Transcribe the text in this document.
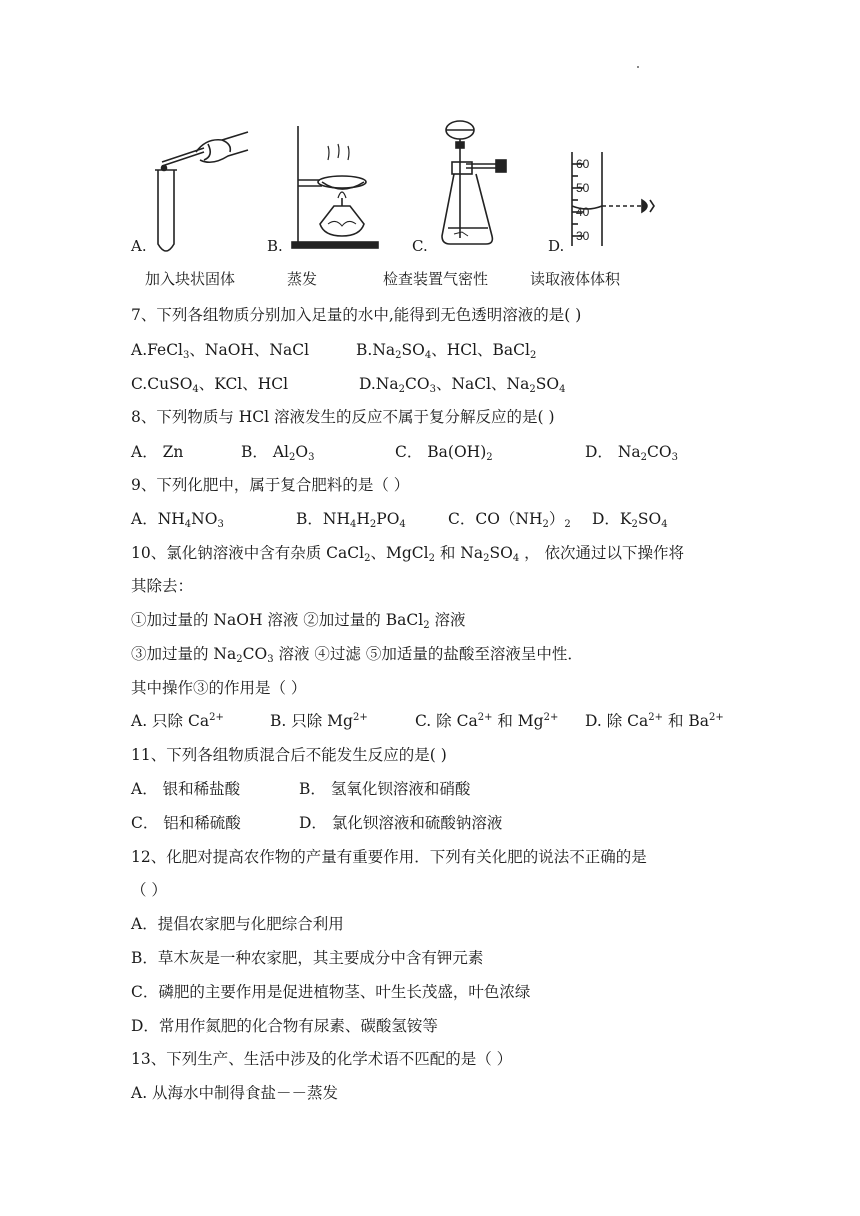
A.	B.	C.
60
50
40
30
D.
加入块状固体	蒸发	检查装置气密性	读取液体体积
7、下列各组物质分别加入足量的水中,能得到无色透明溶液的是( )
A.FeCl$_3$、NaOH、NaCl	$B.Na_2SO_4$、HCl、BaCl$_2$
C.CuSO$_4$、KCl、HCl	$D.Na_2CO_3$、NaCl、$Na_2SO_4$
8、下列物质与 HCl 溶液发生的反应不属于复分解反应的是( )
A． Zn	B． $Al_2O_3$	C． $Ba(OH)_2$	D． $Na_2CO_3$
9、下列化肥中，属于复合肥料的是（ ）
A．$NH_4NO_3$	B．$NH_4H_2PO_4$	C．$CO(NH_2)_2$ D．$K_2SO_4$
10、氯化钠溶液中含有杂质 CaCl$_2$、MgCl$_2$ 和 $Na_2SO_4$ ， 依次通过以下操作将
其除去：
①加过量的 NaOH 溶液 ②加过量的 BaCl$_2$ 溶液
③加过量的 $Na_2CO_3$ 溶液 ④过滤 ⑤加适量的盐酸至溶液呈中性．
其中操作③的作用是（ ）
A. 只除 $Ca^{2+}$	B. 只除 $Mg^{2+}$	C. 除 $Ca^{2+}$ 和 $Mg^{2+}$ D. 除 $Ca^{2+}$ 和 $Ba^{2+}$
11、下列各组物质混合后不能发生反应的是( )
A． 银和稀盐酸	B． 氢氧化钡溶液和硝酸
C． 铝和稀硫酸	D． 氯化钡溶液和硫酸钠溶液
12、化肥对提高农作物的产量有重要作用．下列有关化肥的说法不正确的是
（ ）
A．提倡农家肥与化肥综合利用
B．草木灰是一种农家肥，其主要成分中含有钾元素
C．磷肥的主要作用是促进植物茎、叶生长茂盛，叶色浓绿
D．常用作氮肥的化合物有尿素、碳酸氢铵等
13、下列生产、生活中涉及的化学术语不匹配的是（ ）
A. 从海水中制得食盐－－蒸发
